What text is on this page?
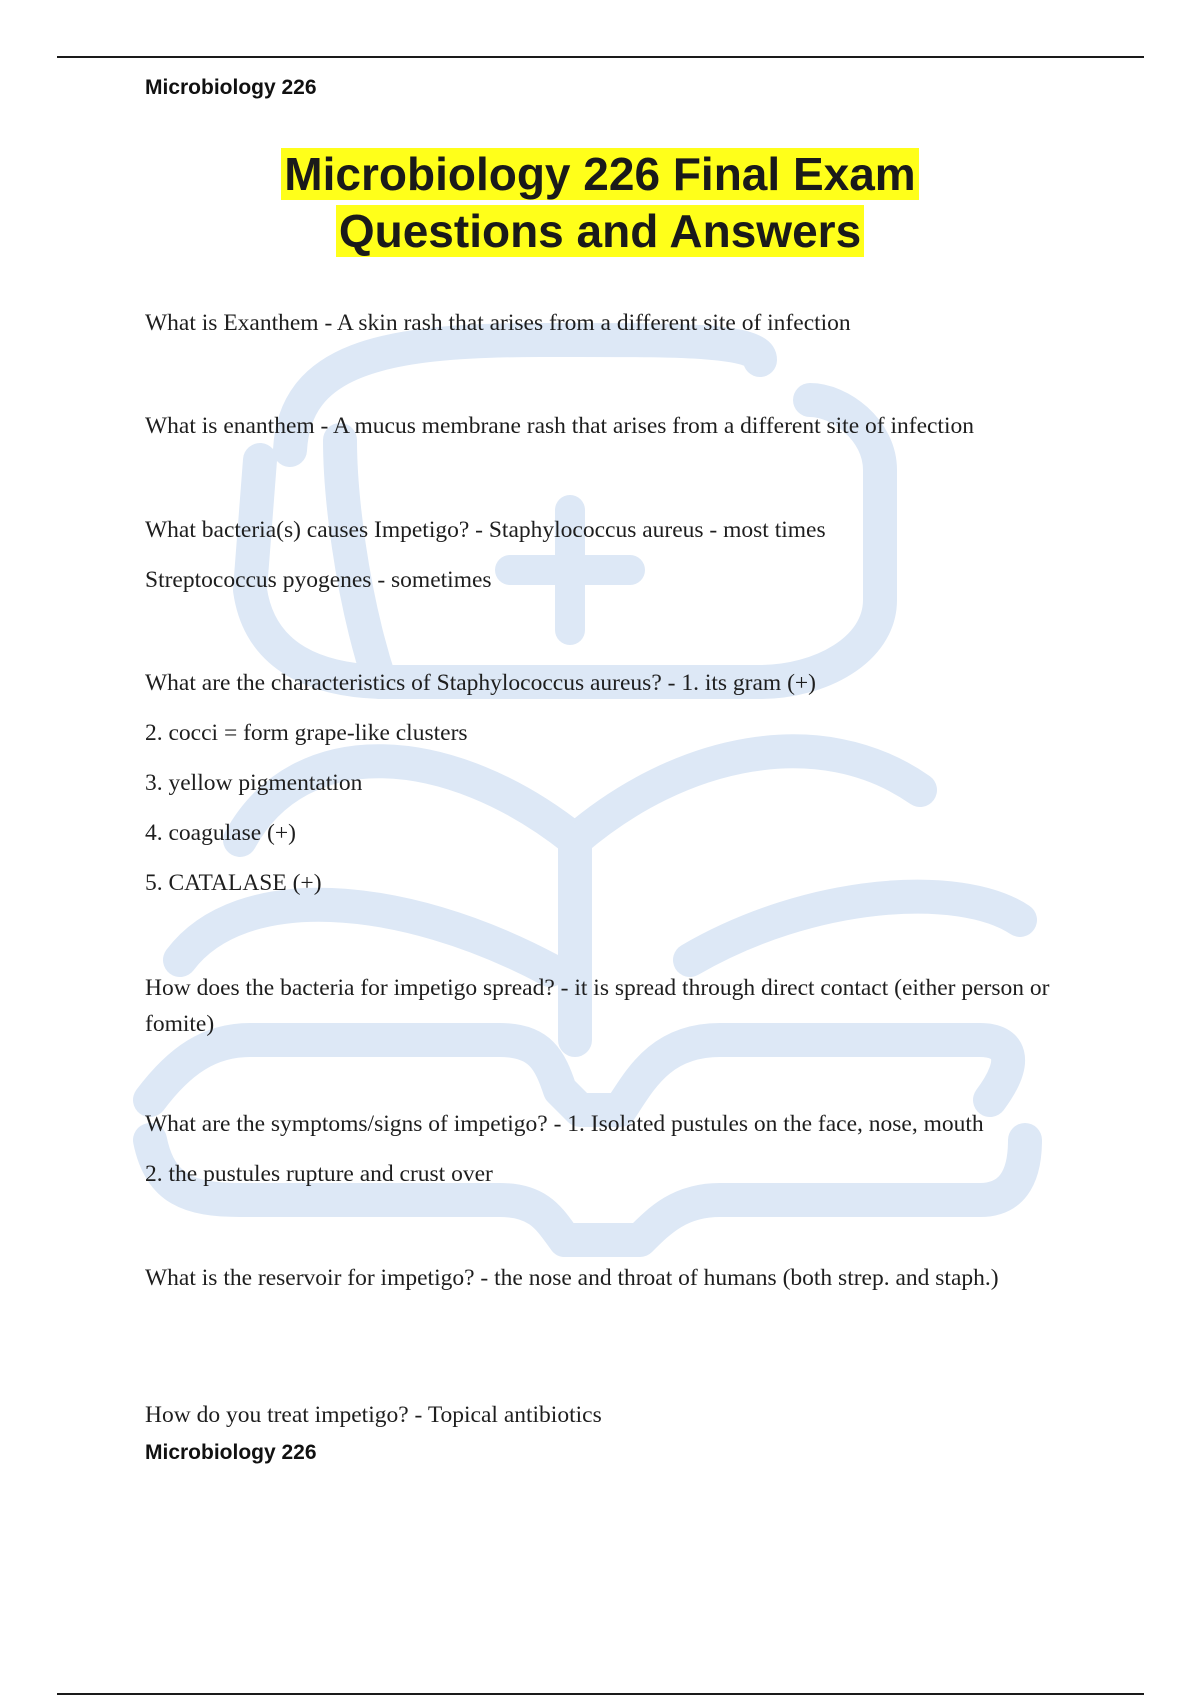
Microbiology 226
Microbiology 226 Final Exam
Questions and Answers
What is Exanthem - A skin rash that arises from a different site of infection
What is enanthem - A mucus membrane rash that arises from a different site of infection
What bacteria(s) causes Impetigo? - Staphylococcus aureus - most times
Streptococcus pyogenes - sometimes
What are the characteristics of Staphylococcus aureus? - 1. its gram (+)
2. cocci = form grape-like clusters
3. yellow pigmentation
4. coagulase (+)
5. CATALASE (+)
How does the bacteria for impetigo spread? - it is spread through direct contact (either person or fomite)
What are the symptoms/signs of impetigo? - 1. Isolated pustules on the face, nose, mouth
2. the pustules rupture and crust over
What is the reservoir for impetigo? - the nose and throat of humans (both strep. and staph.)
How do you treat impetigo? - Topical antibiotics
Microbiology 226
